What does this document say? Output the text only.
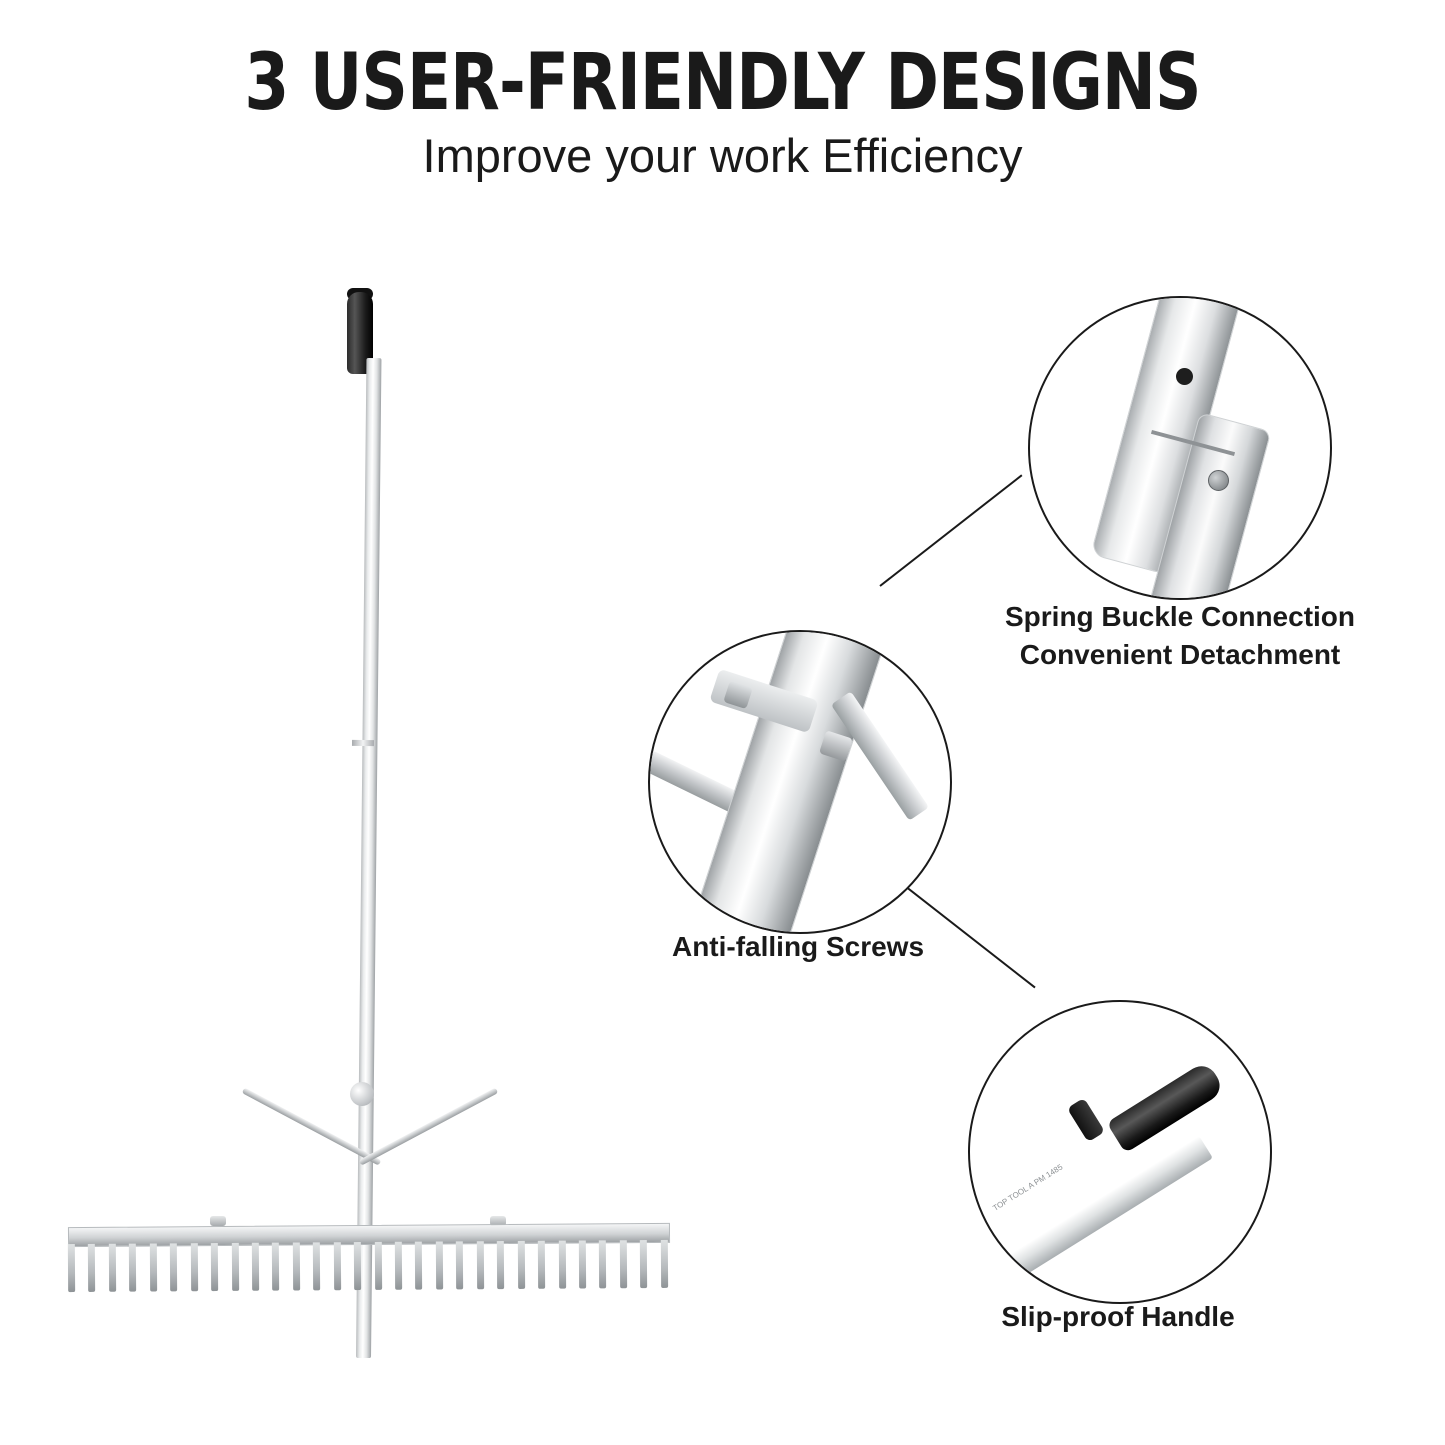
3 USER-FRIENDLY DESIGNS
Improve your work Efficiency
Spring Buckle Connection
Convenient Detachment
Anti-falling Screws
TOP TOOL A PM 1485
Slip-proof Handle
